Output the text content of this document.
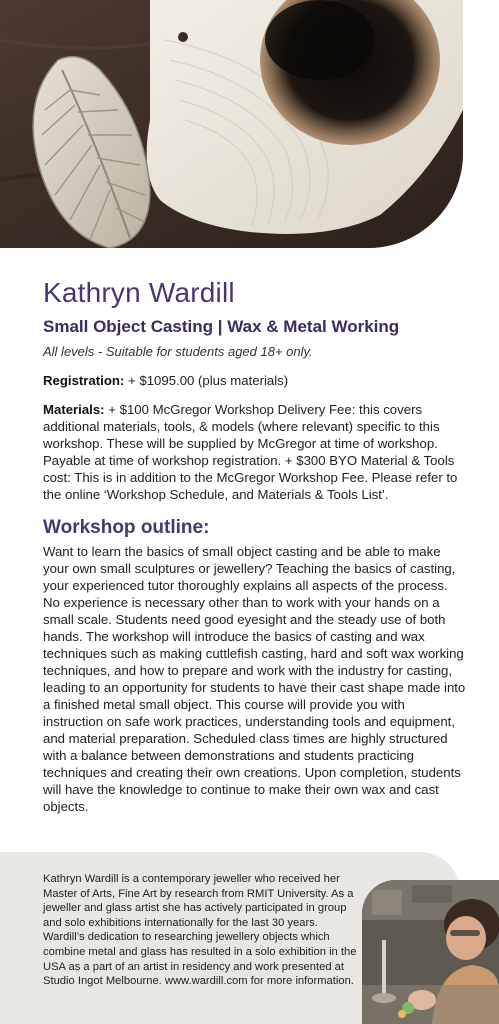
Kathryn Wardill
Small Object Casting | Wax & Metal Working

All levels - Suitable for students aged 18+ only.

Registration: + $1095.00 (plus materials)

Materials: + $100 McGregor Workshop Delivery Fee: this covers additional materials, tools, & models (where relevant) specific to this workshop. These will be supplied by McGregor at time of workshop. Payable at time of workshop registration. + $300 BYO Material & Tools cost: This is in addition to the McGregor Workshop Fee. Please refer to the online ‘Workshop Schedule, and Materials & Tools List’.

Workshop outline:

Want to learn the basics of small object casting and be able to make your own small sculptures or jewellery? Teaching the basics of casting, your experienced tutor thoroughly explains all aspects of the process. No experience is necessary other than to work with your hands on a small scale. Students need good eyesight and the steady use of both hands. The workshop will introduce the basics of casting and wax techniques such as making cuttlefish casting, hard and soft wax working techniques, and how to prepare and work with the industry for casting, leading to an opportunity for students to have their cast shape made into a finished metal small object. This course will provide you with instruction on safe work practices, understanding tools and equipment, and material preparation. Scheduled class times are highly structured with a balance between demonstrations and students practicing techniques and creating their own creations. Upon completion, students will have the knowledge to continue to make their own wax and cast objects.

Kathryn Wardill is a contemporary jeweller who received her Master of Arts, Fine Art by research from RMIT University. As a jeweller and glass artist she has actively participated in group and solo exhibitions internationally for the last 30 years. Wardill’s dedication to researching jewellery objects which combine metal and glass has resulted in a solo exhibition in the USA as a part of an artist in residency and work presented at Studio Ingot Melbourne. www.wardill.com for more information.
